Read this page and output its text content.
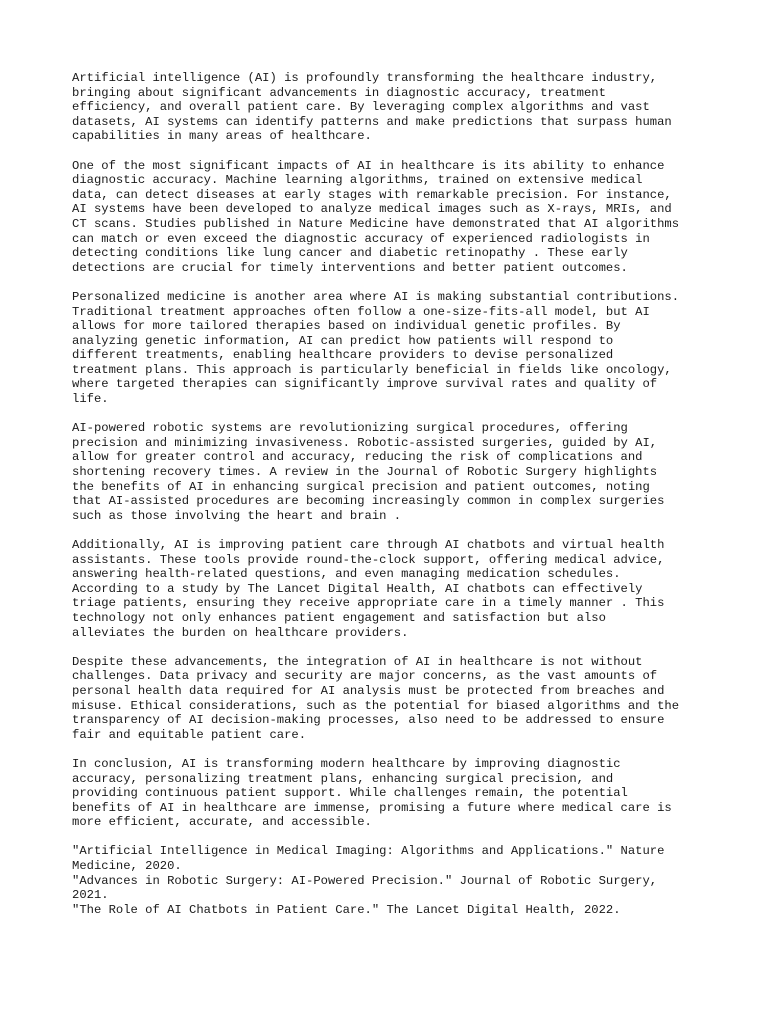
Artificial intelligence (AI) is profoundly transforming the healthcare industry,
bringing about significant advancements in diagnostic accuracy, treatment
efficiency, and overall patient care. By leveraging complex algorithms and vast
datasets, AI systems can identify patterns and make predictions that surpass human
capabilities in many areas of healthcare.

One of the most significant impacts of AI in healthcare is its ability to enhance
diagnostic accuracy. Machine learning algorithms, trained on extensive medical
data, can detect diseases at early stages with remarkable precision. For instance,
AI systems have been developed to analyze medical images such as X-rays, MRIs, and
CT scans. Studies published in Nature Medicine have demonstrated that AI algorithms
can match or even exceed the diagnostic accuracy of experienced radiologists in
detecting conditions like lung cancer and diabetic retinopathy . These early
detections are crucial for timely interventions and better patient outcomes.

Personalized medicine is another area where AI is making substantial contributions.
Traditional treatment approaches often follow a one-size-fits-all model, but AI
allows for more tailored therapies based on individual genetic profiles. By
analyzing genetic information, AI can predict how patients will respond to
different treatments, enabling healthcare providers to devise personalized
treatment plans. This approach is particularly beneficial in fields like oncology,
where targeted therapies can significantly improve survival rates and quality of
life.

AI-powered robotic systems are revolutionizing surgical procedures, offering
precision and minimizing invasiveness. Robotic-assisted surgeries, guided by AI,
allow for greater control and accuracy, reducing the risk of complications and
shortening recovery times. A review in the Journal of Robotic Surgery highlights
the benefits of AI in enhancing surgical precision and patient outcomes, noting
that AI-assisted procedures are becoming increasingly common in complex surgeries
such as those involving the heart and brain .

Additionally, AI is improving patient care through AI chatbots and virtual health
assistants. These tools provide round-the-clock support, offering medical advice,
answering health-related questions, and even managing medication schedules.
According to a study by The Lancet Digital Health, AI chatbots can effectively
triage patients, ensuring they receive appropriate care in a timely manner . This
technology not only enhances patient engagement and satisfaction but also
alleviates the burden on healthcare providers.

Despite these advancements, the integration of AI in healthcare is not without
challenges. Data privacy and security are major concerns, as the vast amounts of
personal health data required for AI analysis must be protected from breaches and
misuse. Ethical considerations, such as the potential for biased algorithms and the
transparency of AI decision-making processes, also need to be addressed to ensure
fair and equitable patient care.

In conclusion, AI is transforming modern healthcare by improving diagnostic
accuracy, personalizing treatment plans, enhancing surgical precision, and
providing continuous patient support. While challenges remain, the potential
benefits of AI in healthcare are immense, promising a future where medical care is
more efficient, accurate, and accessible.

"Artificial Intelligence in Medical Imaging: Algorithms and Applications." Nature
Medicine, 2020.

"Advances in Robotic Surgery: AI-Powered Precision." Journal of Robotic Surgery,
2021.

"The Role of AI Chatbots in Patient Care." The Lancet Digital Health, 2022.
